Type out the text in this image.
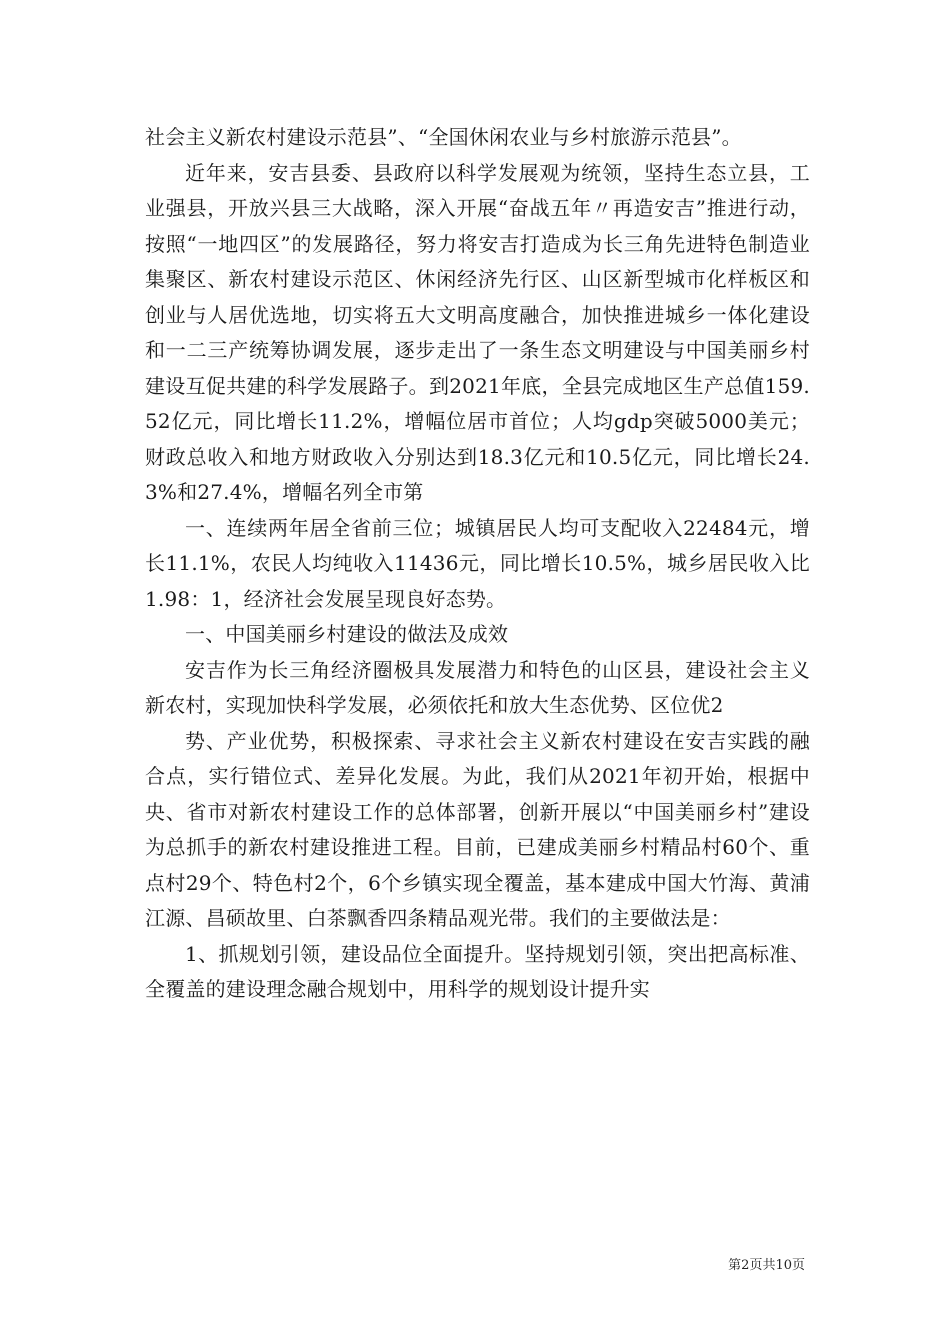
社会主义新农村建设示范县”、“全国休闲农业与乡村旅游示范县”。

近年来，安吉县委、县政府以科学发展观为统领，坚持生态立县，工业强县，开放兴县三大战略，深入开展“奋战五年〃再造安吉”推进行动，按照“一地四区”的发展路径，努力将安吉打造成为长三角先进特色制造业集聚区、新农村建设示范区、休闲经济先行区、山区新型城市化样板区和创业与人居优选地，切实将五大文明高度融合，加快推进城乡一体化建设和一二三产统筹协调发展，逐步走出了一条生态文明建设与中国美丽乡村建设互促共建的科学发展路子。到2021年底，全县完成地区生产总值159.52亿元，同比增长11.2%，增幅位居市首位；人均gdp突破5000美元；财政总收入和地方财政收入分别达到18.3亿元和10.5亿元，同比增长24.3%和27.4%，增幅名列全市第

一、连续两年居全省前三位；城镇居民人均可支配收入22484元，增长11.1%，农民人均纯收入11436元，同比增长10.5%，城乡居民收入比1.98：1，经济社会发展呈现良好态势。

一、中国美丽乡村建设的做法及成效

安吉作为长三角经济圈极具发展潜力和特色的山区县，建设社会主义新农村，实现加快科学发展，必须依托和放大生态优势、区位优2

势、产业优势，积极探索、寻求社会主义新农村建设在安吉实践的融合点，实行错位式、差异化发展。为此，我们从2021年初开始，根据中央、省市对新农村建设工作的总体部署，创新开展以“中国美丽乡村”建设为总抓手的新农村建设推进工程。目前，已建成美丽乡村精品村60个、重点村29个、特色村2个，6个乡镇实现全覆盖，基本建成中国大竹海、黄浦江源、昌硕故里、白茶飘香四条精品观光带。我们的主要做法是：

1、抓规划引领，建设品位全面提升。坚持规划引领，突出把高标准、全覆盖的建设理念融合规划中，用科学的规划设计提升实

第2页共10页
